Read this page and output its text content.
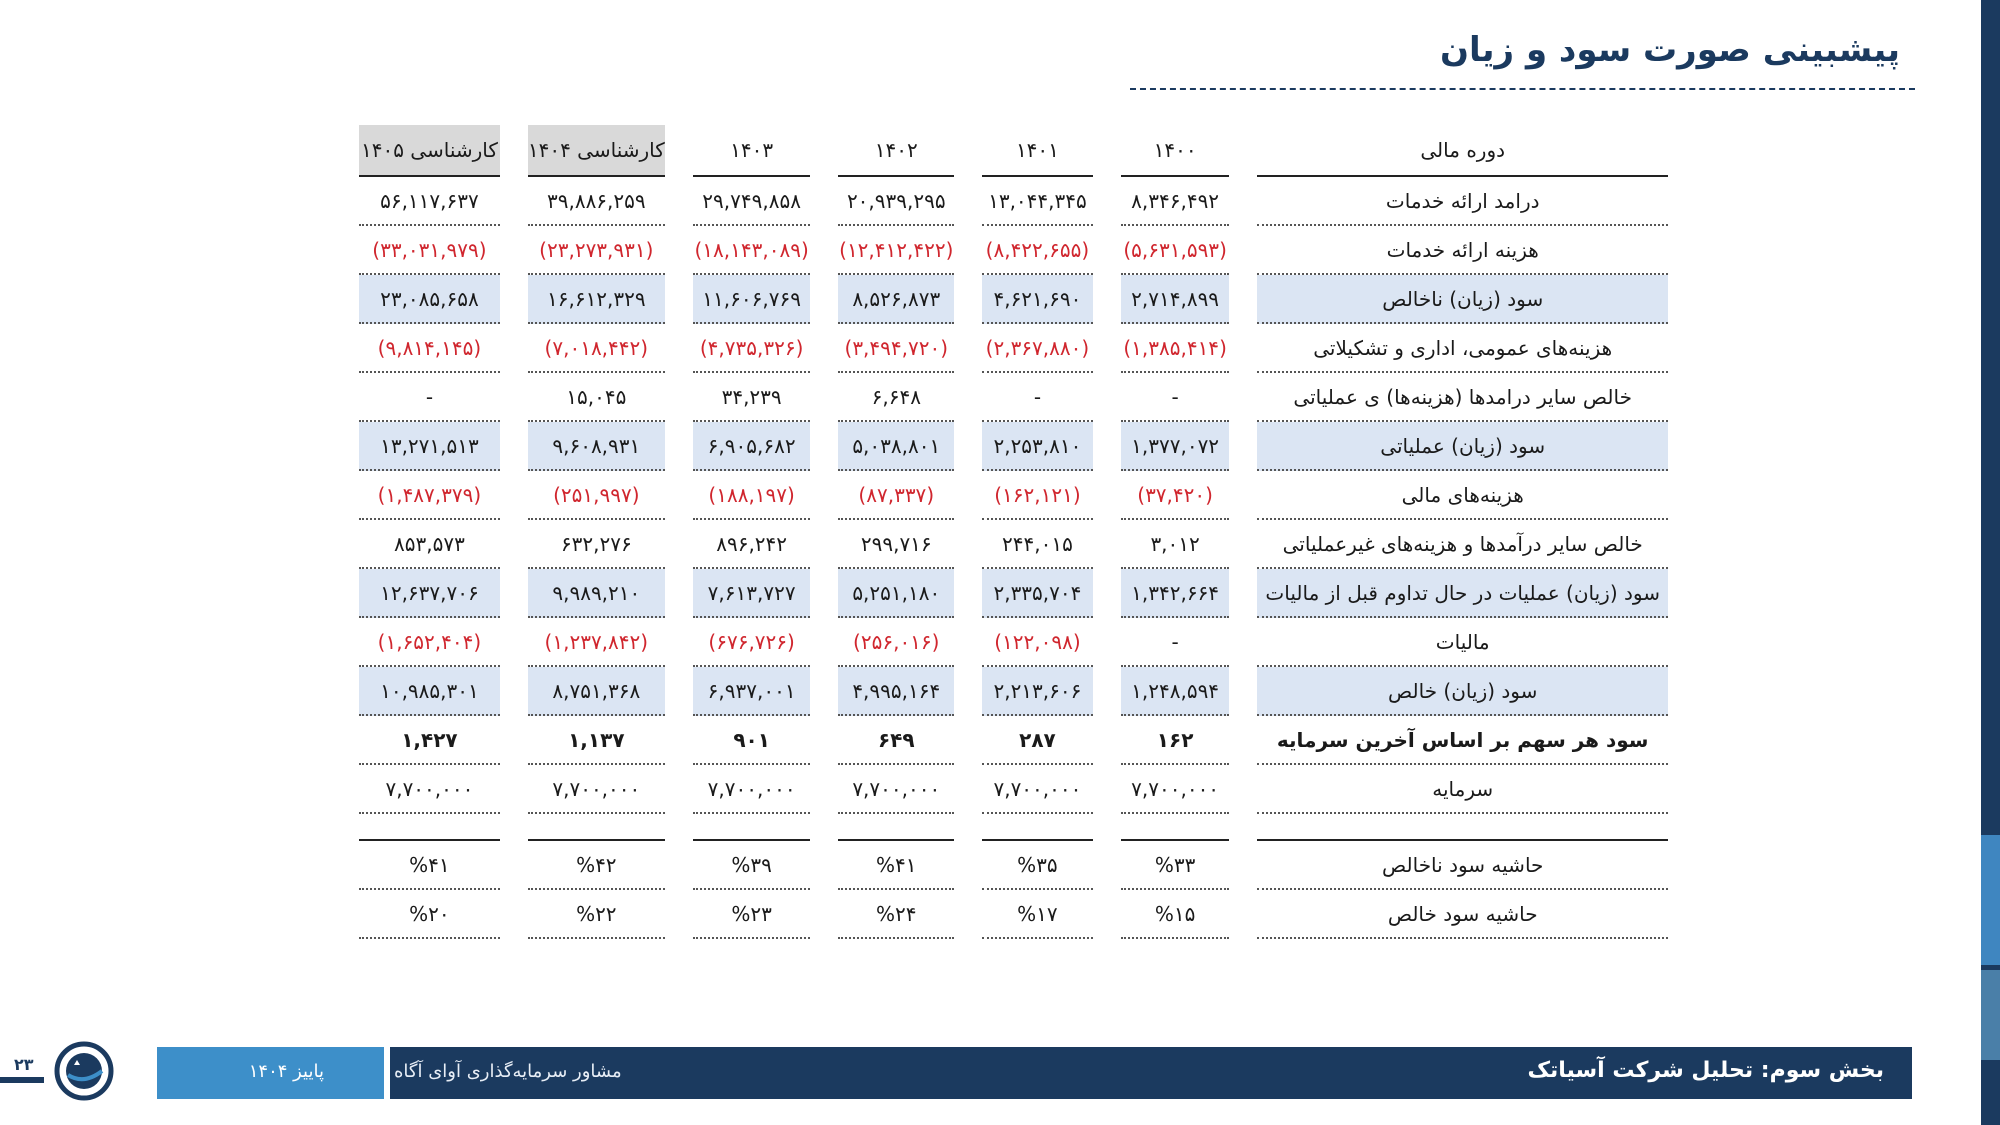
پیشبینی صورت سود و زیان
دوره مالی	۱۴۰۰	۱۴۰۱	۱۴۰۲	۱۴۰۳	کارشناسی ۱۴۰۴	کارشناسی ۱۴۰۵
درامد ارائه خدمات	۸,۳۴۶,۴۹۲	۱۳,۰۴۴,۳۴۵	۲۰,۹۳۹,۲۹۵	۲۹,۷۴۹,۸۵۸	۳۹,۸۸۶,۲۵۹	۵۶,۱۱۷,۶۳۷
هزینه ارائه خدمات	(۵,۶۳۱,۵۹۳)	(۸,۴۲۲,۶۵۵)	(۱۲,۴۱۲,۴۲۲)	(۱۸,۱۴۳,۰۸۹)	(۲۳,۲۷۳,۹۳۱)	(۳۳,۰۳۱,۹۷۹)
سود (زیان) ناخالص	۲,۷۱۴,۸۹۹	۴,۶۲۱,۶۹۰	۸,۵۲۶,۸۷۳	۱۱,۶۰۶,۷۶۹	۱۶,۶۱۲,۳۲۹	۲۳,۰۸۵,۶۵۸
هزینه‌های عمومی، اداری و تشکیلاتی	(۱,۳۸۵,۴۱۴)	(۲,۳۶۷,۸۸۰)	(۳,۴۹۴,۷۲۰)	(۴,۷۳۵,۳۲۶)	(۷,۰۱۸,۴۴۲)	(۹,۸۱۴,۱۴۵)
خالص سایر درامدها (هزینه‌ها) ی عملیاتی	-	-	۶,۶۴۸	۳۴,۲۳۹	۱۵,۰۴۵	-
سود (زیان) عملیاتی	۱,۳۷۷,۰۷۲	۲,۲۵۳,۸۱۰	۵,۰۳۸,۸۰۱	۶,۹۰۵,۶۸۲	۹,۶۰۸,۹۳۱	۱۳,۲۷۱,۵۱۳
هزینه‌های مالی	(۳۷,۴۲۰)	(۱۶۲,۱۲۱)	(۸۷,۳۳۷)	(۱۸۸,۱۹۷)	(۲۵۱,۹۹۷)	(۱,۴۸۷,۳۷۹)
خالص سایر درآمدها و هزینه‌های غیرعملیاتی	۳,۰۱۲	۲۴۴,۰۱۵	۲۹۹,۷۱۶	۸۹۶,۲۴۲	۶۳۲,۲۷۶	۸۵۳,۵۷۳
سود (زیان) عملیات در حال تداوم قبل از مالیات	۱,۳۴۲,۶۶۴	۲,۳۳۵,۷۰۴	۵,۲۵۱,۱۸۰	۷,۶۱۳,۷۲۷	۹,۹۸۹,۲۱۰	۱۲,۶۳۷,۷۰۶
مالیات	-	(۱۲۲,۰۹۸)	(۲۵۶,۰۱۶)	(۶۷۶,۷۲۶)	(۱,۲۳۷,۸۴۲)	(۱,۶۵۲,۴۰۴)
سود (زیان) خالص	۱,۲۴۸,۵۹۴	۲,۲۱۳,۶۰۶	۴,۹۹۵,۱۶۴	۶,۹۳۷,۰۰۱	۸,۷۵۱,۳۶۸	۱۰,۹۸۵,۳۰۱
سود هر سهم بر اساس آخرین سرمایه	۱۶۲	۲۸۷	۶۴۹	۹۰۱	۱,۱۳۷	۱,۴۲۷
سرمایه	۷,۷۰۰,۰۰۰	۷,۷۰۰,۰۰۰	۷,۷۰۰,۰۰۰	۷,۷۰۰,۰۰۰	۷,۷۰۰,۰۰۰	۷,۷۰۰,۰۰۰

حاشیه سود ناخالص	%۳۳	%۳۵	%۴۱	%۳۹	%۴۲	%۴۱
حاشیه سود خالص	%۱۵	%۱۷	%۲۴	%۲۳	%۲۲	%۲۰
بخش سوم: تحلیل شرکت آسیاتک
مشاور سرمایه‌گذاری آوای آگاه
پاییز ۱۴۰۴
۲۳
